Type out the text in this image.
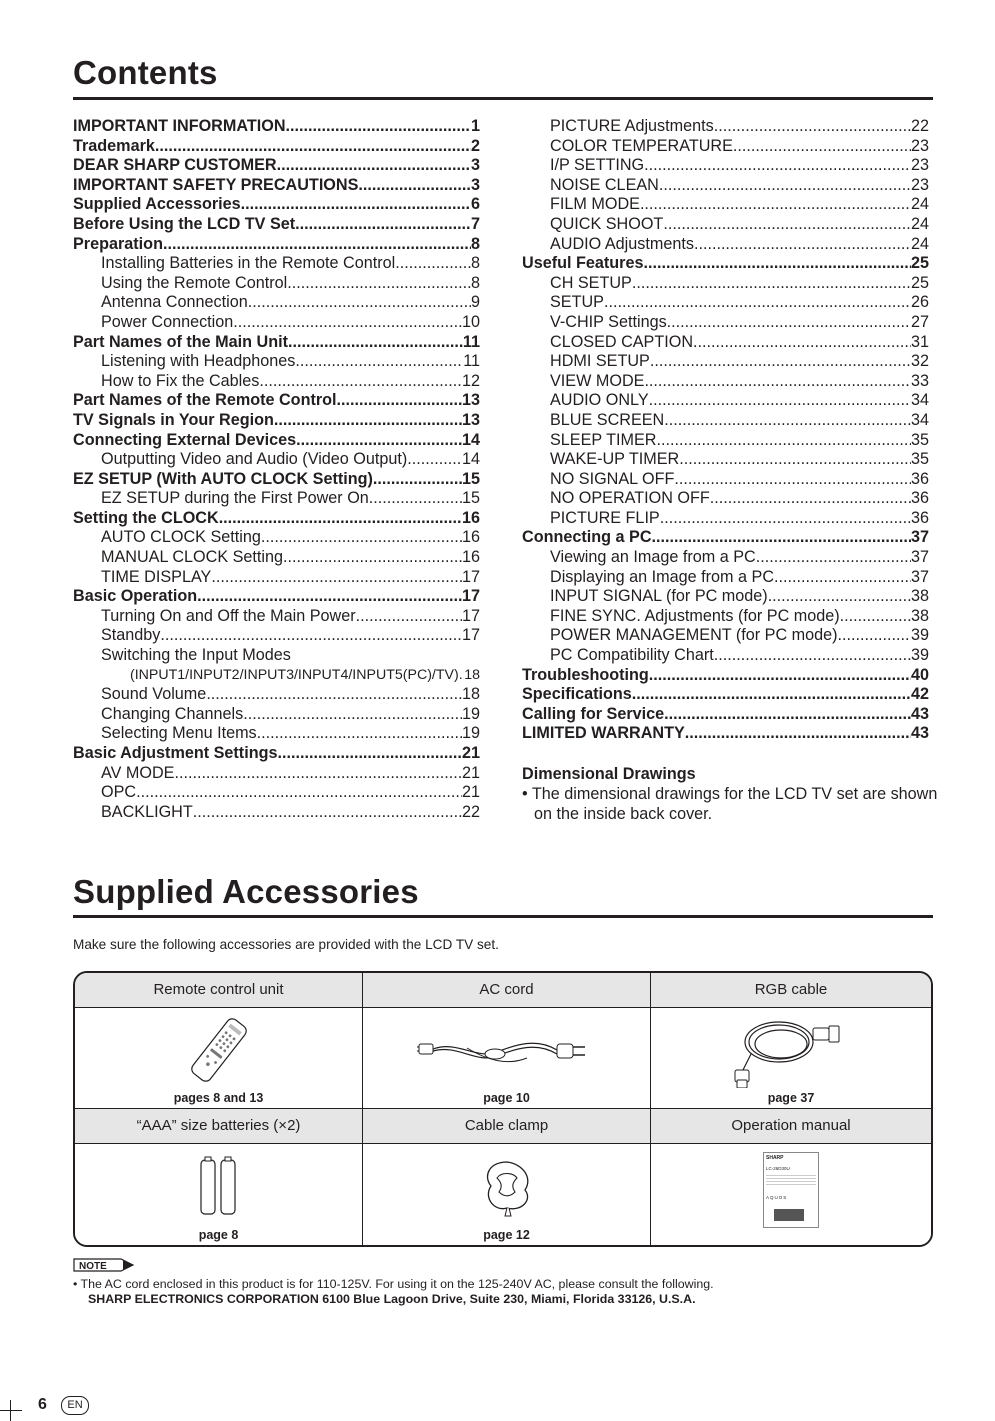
Contents
IMPORTANT INFORMATION .....	1
Trademark .....	2
DEAR SHARP CUSTOMER .....	3
IMPORTANT SAFETY PRECAUTIONS .....	3
Supplied Accessories .....	6
Before Using the LCD TV Set .....	7
Preparation .....	8
Installing Batteries in the Remote Control .....	8
Using the Remote Control .....	8
Antenna Connection .....	9
Power Connection .....	10
Part Names of the Main Unit .....	11
Listening with Headphones .....	11
How to Fix the Cables .....	12
Part Names of the Remote Control .....	13
TV Signals in Your Region .....	13
Connecting External Devices .....	14
Outputting Video and Audio (Video Output) .....	14
EZ SETUP (With AUTO CLOCK Setting) .....	15
EZ SETUP during the First Power On .....	15
Setting the CLOCK .....	16
AUTO CLOCK Setting .....	16
MANUAL CLOCK Setting .....	16
TIME DISPLAY .....	17
Basic Operation .....	17
Turning On and Off the Main Power .....	17
Standby .....	17
Switching the Input Modes
(INPUT1/INPUT2/INPUT3/INPUT4/INPUT5(PC)/TV) ..... 18
Sound Volume .....	18
Changing Channels .....	19
Selecting Menu Items .....	19
Basic Adjustment Settings .....	21
AV MODE .....	21
OPC .....	21
BACKLIGHT .....	22
PICTURE Adjustments .....	22
COLOR TEMPERATURE .....	23
I/P SETTING .....	23
NOISE CLEAN .....	23
FILM MODE .....	24
QUICK SHOOT .....	24
AUDIO Adjustments .....	24
Useful Features .....	25
CH SETUP .....	25
SETUP .....	26
V-CHIP Settings .....	27
CLOSED CAPTION .....	31
HDMI SETUP .....	32
VIEW MODE .....	33
AUDIO ONLY .....	34
BLUE SCREEN .....	34
SLEEP TIMER .....	35
WAKE-UP TIMER .....	35
NO SIGNAL OFF .....	36
NO OPERATION OFF .....	36
PICTURE FLIP .....	36
Connecting a PC .....	37
Viewing an Image from a PC .....	37
Displaying an Image from a PC .....	37
INPUT SIGNAL (for PC mode) .....	38
FINE SYNC. Adjustments (for PC mode) .....	38
POWER MANAGEMENT (for PC mode) .....	39
PC Compatibility Chart .....	39
Troubleshooting .....	40
Specifications .....	42
Calling for Service .....	43
LIMITED WARRANTY .....	43
Dimensional Drawings
• The dimensional drawings for the LCD TV set are shown on the inside back cover.
Supplied Accessories
Make sure the following accessories are provided with the LCD TV set.
Remote control unit	AC cord	RGB cable
pages 8 and 13	page 10	page 37
“AAA” size batteries (×2)	Cable clamp	Operation manual
page 8	page 12
SHARP
LC-26D30U
AQUOS
NOTE
• The AC cord enclosed in this product is for 110-125V. For using it on the 125-240V AC, please consult the following.
SHARP ELECTRONICS CORPORATION 6100 Blue Lagoon Drive, Suite 230, Miami, Florida 33126, U.S.A.
6	EN
